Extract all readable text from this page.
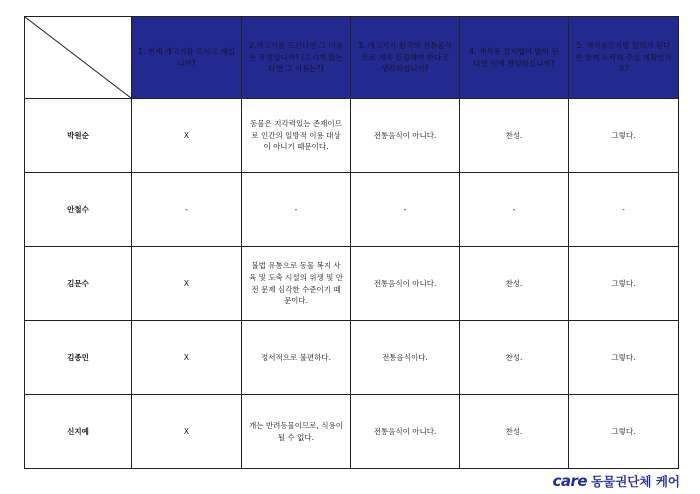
	1. 현재 개고기를 드시고 계십니까?	2.개고기를 드신다면 그 이유는 무엇입니까? (드시지 않는다면 그 이유는?)	3. 개고기가 한국의 전통음식으로 계속 인정해야 한다고 생각하십니까?	4. 개식용 금지법이 발의 된다면 이에 찬성하십니까?	5. 개식용금지법 발의가 된다면 함께 노력해 주실 계획인가요?
박원순	X	동물은 지각력있는 존재이므로 인간의 일방적 이용 대상이 아니기 때문이다.	전통음식이 아니다.	찬성.	그렇다.
안철수	-	-	-	-	-
김문수	X	불법 유통으로 동물 복지 사육 및 도축 시설의 위생 및 안전 문제 심각한 수준이기 때문이다.	전통음식이 아니다.	찬성.	그렇다.
김종민	X	정서적으로 불편하다.	전통음식이다.	찬성.	그렇다.
신지예	X	개는 반려동물이므로, 식용이 될 수 없다.	전통음식이 아니다.	찬성.	그렇다.
care 동물권단체 케어
